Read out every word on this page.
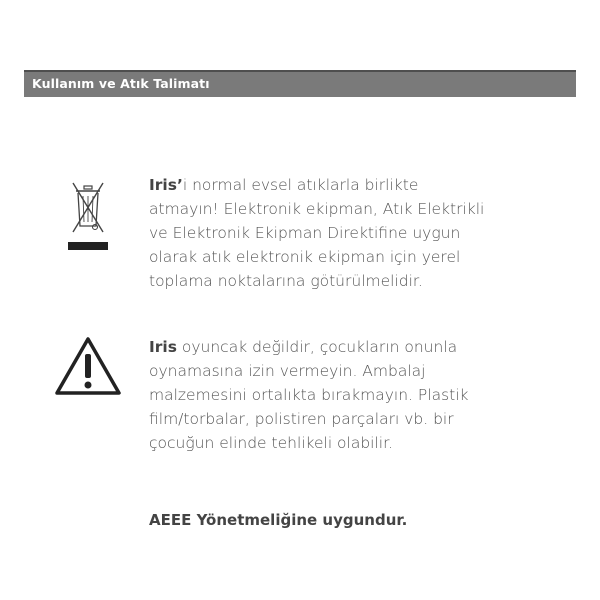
Kullanım ve Atık Talimatı
Iris’i normal evsel atıklarla birlikte
atmayın! Elektronik ekipman, Atık Elektrikli
ve Elektronik Ekipman Direktifine uygun
olarak atık elektronik ekipman için yerel
toplama noktalarına götürülmelidir.
Iris oyuncak değildir, çocukların onunla
oynamasına izin vermeyin. Ambalaj
malzemesini ortalıkta bırakmayın. Plastik
film/torbalar, polistiren parçaları vb. bir
çocuğun elinde tehlikeli olabilir.
AEEE Yönetmeliğine uygundur.
